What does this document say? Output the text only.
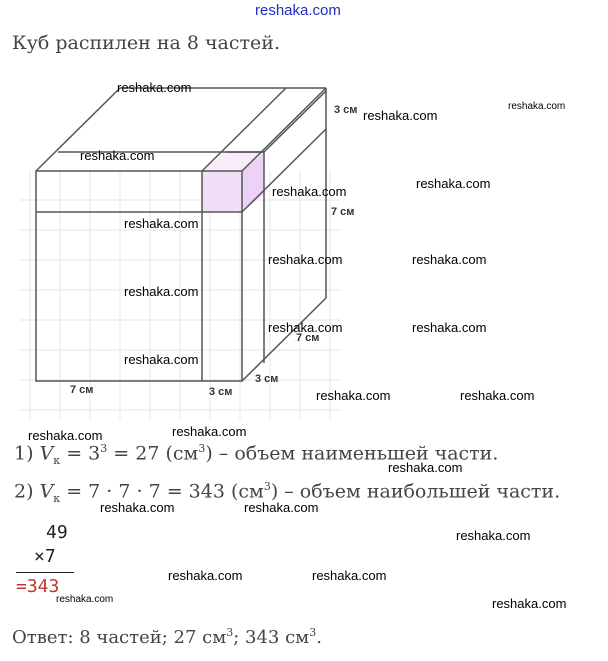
reshaka.com
Куб распилен на 8 частей.
3 см
7 см
7 см
7 см	3 см
3 см
reshaka.com
reshaka.com
reshaka.com
reshaka.com
reshaka.com
reshaka.com
reshaka.com
reshaka.com	reshaka.com
reshaka.com
reshaka.com	reshaka.com
reshaka.com
reshaka.com	reshaka.com
reshaka.com
reshaka.com
reshaka.com
reshaka.com	reshaka.com
reshaka.com
reshaka.com	reshaka.com
reshaka.com	reshaka.com
1) $V_к = 3^3 = 27$ $(см^3)$ – объем наименьшей части.
2) $V_к = 7 \cdot 7 \cdot 7 = 343$ $(см^3)$ – объем наибольшей части.
49
×7
=343
Ответ: 8 частей; 27 $см^3$; 343 $см^3$.
